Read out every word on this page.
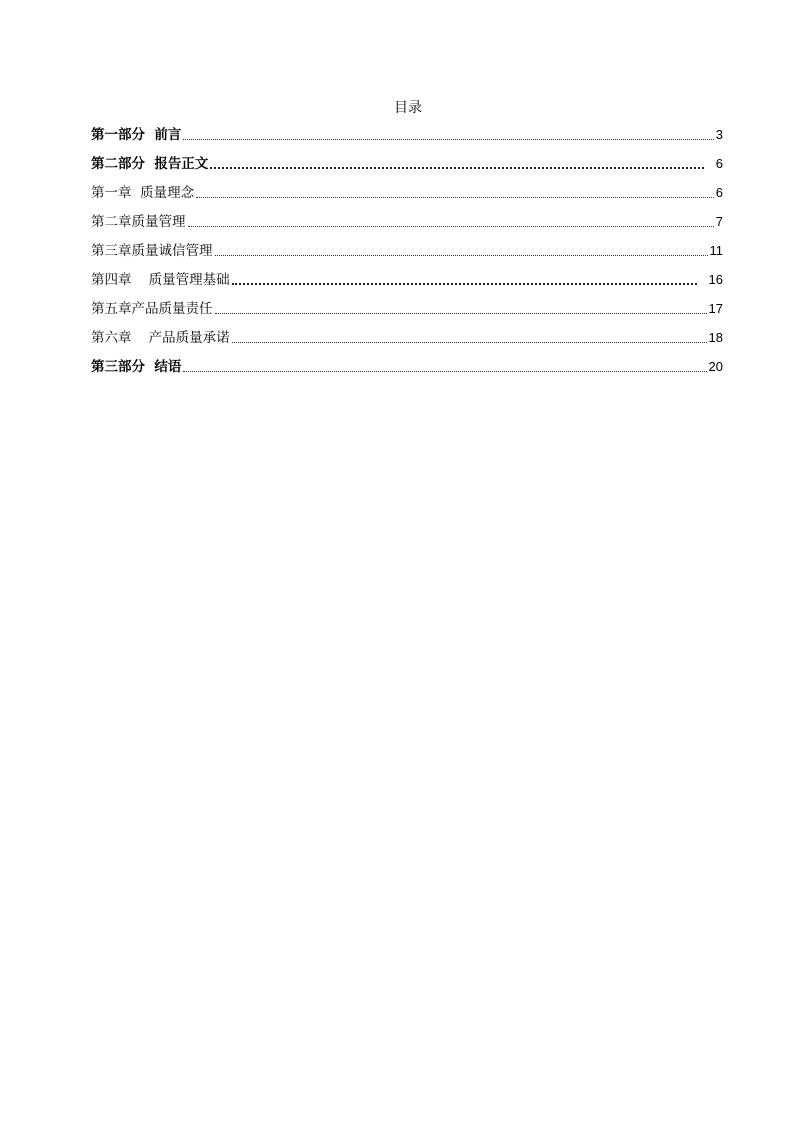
目录
第一部分  前言	3
第二部分  报告正文	6
第一章  质量理念	6
第二章质量管理	7
第三章质量诚信管理	11
第四章    质量管理基础	16
第五章产品质量责任	17
第六章    产品质量承诺	18
第三部分  结语	20
